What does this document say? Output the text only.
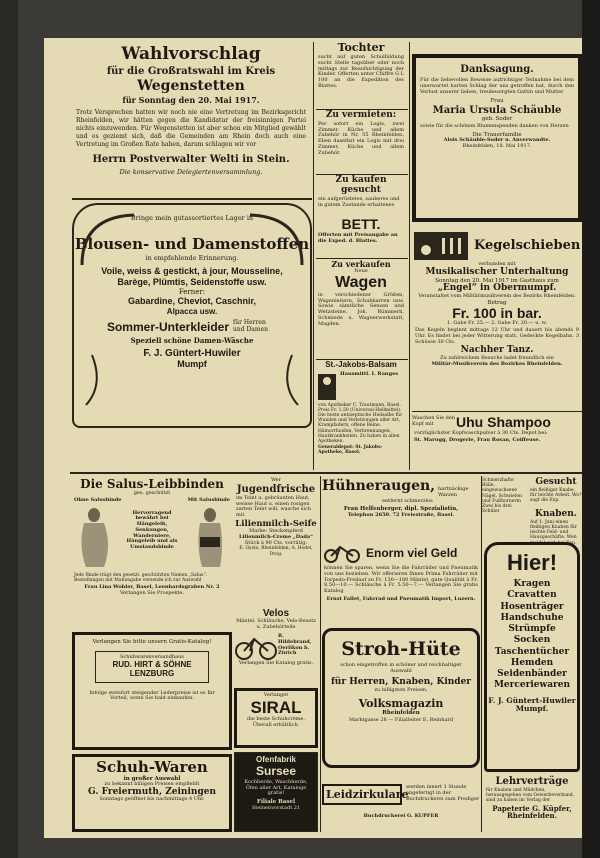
Wahlvorschlag
für die Großratswahl im Kreis
Wegenstetten
für Sonntag den 20. Mai 1917.
Trotz Versprechen hatten wir noch nie eine Vertretung im Bezirksgericht Rheinfelden, wir hätten gegen die Kandidatur der freisinnigen Partei nichts einzuwenden. Für Wegenstetten ist aber schon ein Mitglied gewählt und es geziemt sich, daß die Gemeinden am Rhein doch auch eine Vertretung im Großen Rate haben, darum schlagen wir vor
Herrn Postverwalter Welti in Stein.
Die konservative Delegiertenversammlung.
Bringe mein gutassortiertes Lager in
Blousen- und Damenstoffen
in empfehlende Erinnerung.
Voile, weiss & gestickt, à jour, Mousseline,
Barège, Plümtis, Seidenstoffe usw.
Ferner:
Gabardine, Cheviot, Caschnir,
Alpacca usw.
Sommer-Unterkleider für Herren und Damen
Speziell schöne Damen-Wäsche
F. J. Güntert-Huwiler
Mumpf
Tochter
sucht auf guten Schulbildung sucht Stelle tagsüber oder noch mittags zur Beaufsichtigung der Kinder. Offerten unter Chiffre G L 100 an die Expedition des Blattes.
Zu vermieten:
Per sofort ein Logis, zwei Zimmer, Küche und allem Zubehör in Nr. 55 Rheinfelden. Eben daselbst ein Logis mit drei Zimmer, Küche und allem Zubehör.
Zu kaufen gesucht
ein aufgerüstetes, sauberes und in gutem Zustande erhaltenes
BETT.
Offerten mit Preisangabe an die Exped. d. Blattes.
Zu verkaufen
Neue
Wagen
in verschiedener Größen, Wagenleitern, Schubkarren usw. Sowie sämtliche Sensen und Wetzsteine. Joh. Rümmerli, Schmiede u. Wagnerwerkstatt, Magden.
St.-Jakobs-Balsam
Hausmittl. I. Ranges
von Apotheker C. Trautmann, Basel. Preis Fr. 1.50 (Universal-Heilmittel). Die beste antiseptische Heilsalbe für Wunden und Verletzungen aller Art, Krampfadern, offene Beine, Hämorrhoiden, Verbrennungen, Hautkrankheiten. Zu haben in allen Apotheken.
Generaldepot: St. Jakobs-Apotheke, Basel.
Danksagung.
Für die liebevollen Beweise aufrichtiger Teilnahme bei dem unerwartet harten Schlag der uns getroffen hat, durch den Verlust unserer lieben, treubesorgten Gattin und Mutter
Frau
Maria Ursula Schäuble
geb. Soder
sowie für die schönen Blumenspenden danken von Herzen
Die Trauerfamilie
Alois Schäuble-Soder u. Anverwandte.
Rheinfelden, 18. Mai 1917.
Kegelschieben
verbunden mit
Musikalischer Unterhaltung
Sonntag den 20. Mai 1917 im Gasthaus zum
„Engel“ in Obermumpf.
Veranstaltet vom Militärmusikverein des Bezirks Rheinfelden.
Betrag
Fr. 100 in bar.
1. Gabe Fr. 25.— 2. Gabe Fr. 20.— u. w.
Das Kegeln beginnt mittags 12 Uhr und dauert bis abends 9 Uhr. Es findet bei jeder Witterung statt. Gedeckte Kegelbahn. 3 Schüsse 30 Cts.
Nachher Tanz.
Zu zahlreichem Besuche ladet freundlich ein
Militär-Musikverein des Bezirkes Rheinfelden.
Waschen Sie den Kopf mit	Uhu Shampoo
vorzüglichster Kopfwaschpulver à 30 Cts. Depot bei:
St. Marugg, Drogerie, Frau Rosan, Coiffeuse.
Die Salus-Leibbinden
ges. geschützt
Ohne Salusbinde	Mit Salusbinde
Hervorragend bewährt bei Hängeleib, Senkungen, Wanderniere, Hängeleib und als Umstandsbinde
Jede Binde trägt den gesetzl. geschützten Namen „Salus“. Bestellungen mit Maßangabe versende ich zur Auswahl
Frau Lina Wohler, Basel, Leonhardsgraben Nr. 2
Verlangen Sie Prospekte.
Verlangen Sie bitte unsern Gratis-Katalog!
Schuhwarenversandhaus
RUD. HIRT & SÖHNE
LENZBURG
Infolge stetsfort steigender Lederpreise ist es Ihr Vorteil, wenn Sie bald einkaufen.
Schuh-Waren
in großer Auswahl
zu bekannt billigen Preisen empfiehlt
G. Freiermuth, Zeiningen
Sonntags geöffnet bis nachmittags 4 Uhr.
Wer
Jugendfrische
im Teint u. gebräunten Haut, weisse Haut u. einen rosigen zarten Teint will, wasche sich mit
Lilienmilch-Seife
Marke: Steckenpferd
Lilienmilch-Creme „Dada“
Stück à 90 Cts. vorrätig:
E. Gysin, Rheinfelden; A. Hodel, Drog.
Velos
Mäntel, Schläuche, Velo-Besatz u. Zubehörteile
R. Hildebrand, Oerlikon b. Zürich
Verlangen Sie Katalog gratis.
Verlanget
SIRAL
die beste Schuhcrème. Überall erhältlich.
Ofenfabrik
Sursee
Kochherde, Waschherde, Öfen aller Art, Kataloge gratis!
Filiale Basel
Steinenvorstadt 21
Hühneraugen, hartnäckige Warzen
entfernt schmerzlos
Frau Helfenberger, dipl. Spezialistin,
Telephon 2650. 72 Freiestraße, Basel.
Enorm viel Geld
können Sie sparen, wenn Sie die Fahrräder und Pneumatik von uns beziehen. Wir offerieren Ihnen Prima Fahrräder mit Torpedo-Freilauf zu Fr. 130—180 Mäntel, gute Qualität à Fr. 8.50—10.— Schläuche à Fr. 5.50—7.— Verlangen Sie gratis Katalog
Ernst Fallet, Fahrrad und Pneumatik Import, Luzern.
Stroh-Hüte
schon eingetroffen in schöner und reichhaltiger Auswahl
für Herren, Knaben, Kinder
zu billigsten Preisen.
Volksmagazin
Rheinfelden
Marktgasse 28 — Filialleiter E. Reinhard
Leidzirkulare
werden innert 1 Stunde angefertigt in der Buchdruckerei zum Prediger
Buchdruckerei G. KUPFER
Schmerzhafte Bälle, eingewachsene Nägel, Schwielen und Fußhornerm
Zwei bis drei Schüler
Gesucht
ein fleißiger Knabe, für leichte Arbeit. Wo? sagt die Exp.
Knaben.
Auf 1. Juni einen fleißigen Knaben für leichte Feld- und Hausgeschäfte. Wen meldet sich bei Exp.
Hier!
Kragen
Cravatten
Hosenträger
Handschuhe
Strümpfe
Socken
Taschentücher
Hemden
Seidenbänder
Merceriewaren
F. J. Güntert-Huwiler
Mumpf.
Lehrverträge
für Knaben und Mädchen, herausgegeben vom Gewerbeverband, sind zu haben im Verlag der
Papeterie G. Küpfer, Rheinfelden.
